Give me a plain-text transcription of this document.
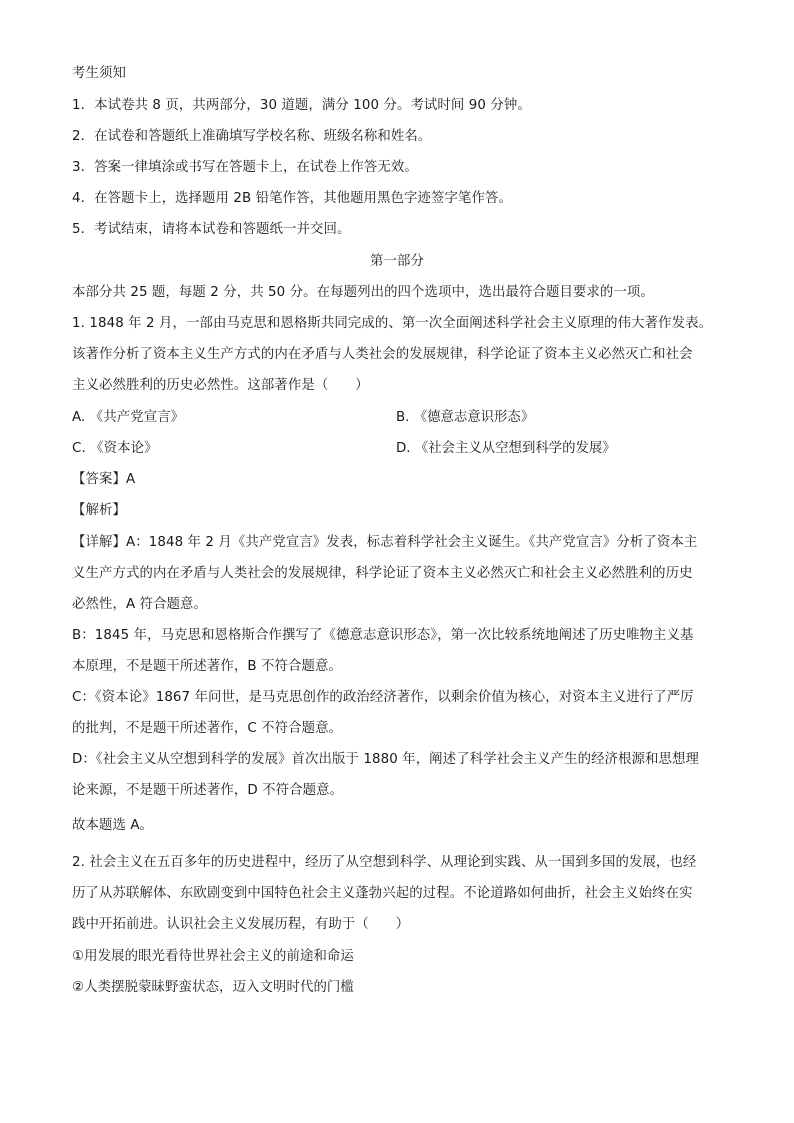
考生须知
1．本试卷共 8 页，共两部分，30 道题，满分 100 分。考试时间 90 分钟。
2．在试卷和答题纸上准确填写学校名称、班级名称和姓名。
3．答案一律填涂或书写在答题卡上，在试卷上作答无效。
4．在答题卡上，选择题用 2B 铅笔作答，其他题用黑色字迹签字笔作答。
5．考试结束，请将本试卷和答题纸一并交回。
第一部分
本部分共 25 题，每题 2 分，共 50 分。在每题列出的四个选项中，选出最符合题目要求的一项。
1. 1848 年 2 月，一部由马克思和恩格斯共同完成的、第一次全面阐述科学社会主义原理的伟大著作发表。
该著作分析了资本主义生产方式的内在矛盾与人类社会的发展规律，科学论证了资本主义必然灭亡和社会
主义必然胜利的历史必然性。这部著作是（　　）
A. 《共产党宣言》	B. 《德意志意识形态》
C. 《资本论》	D. 《社会主义从空想到科学的发展》
【答案】A
【解析】
【详解】A：1848 年 2 月《共产党宣言》发表，标志着科学社会主义诞生。《共产党宣言》分析了资本主
义生产方式的内在矛盾与人类社会的发展规律，科学论证了资本主义必然灭亡和社会主义必然胜利的历史
必然性，A 符合题意。
B：1845 年，马克思和恩格斯合作撰写了《德意志意识形态》，第一次比较系统地阐述了历史唯物主义基
本原理，不是题干所述著作，B 不符合题意。
C：《资本论》1867 年问世，是马克思创作的政治经济著作，以剩余价值为核心，对资本主义进行了严厉
的批判，不是题干所述著作，C 不符合题意。
D：《社会主义从空想到科学的发展》首次出版于 1880 年，阐述了科学社会主义产生的经济根源和思想理
论来源，不是题干所述著作，D 不符合题意。
故本题选 A。
2. 社会主义在五百多年的历史进程中，经历了从空想到科学、从理论到实践、从一国到多国的发展，也经
历了从苏联解体、东欧剧变到中国特色社会主义蓬勃兴起的过程。不论道路如何曲折，社会主义始终在实
践中开拓前进。认识社会主义发展历程，有助于（　　）
①用发展的眼光看待世界社会主义的前途和命运
②人类摆脱蒙昧野蛮状态，迈入文明时代的门槛
